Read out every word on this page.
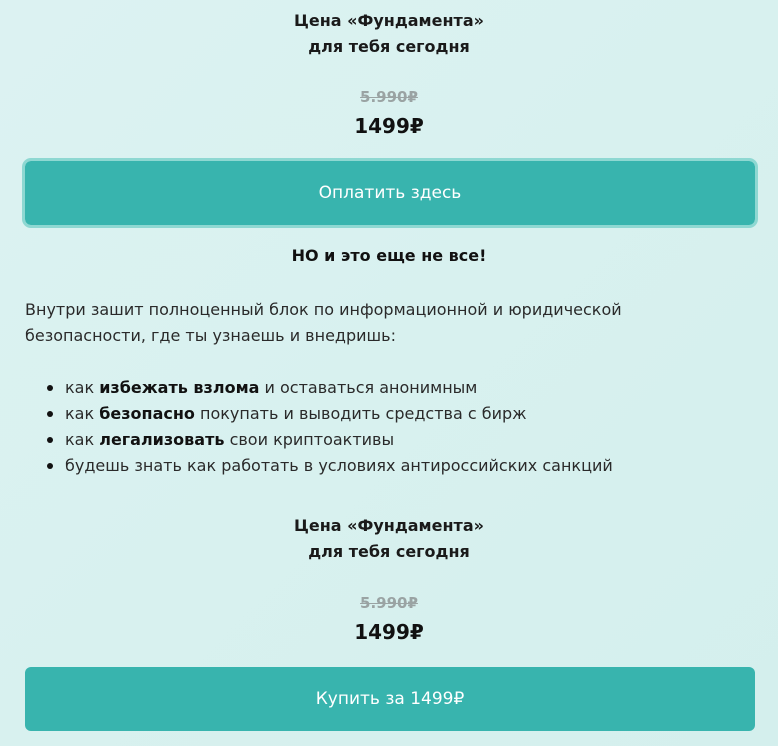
Цена «Фундамента»
для тебя сегодня
5.990₽
1499₽
Оплатить здесь
НО и это еще не все!
Внутри зашит полноценный блок по информационной и юридической безопасности, где ты узнаешь и внедришь:
как избежать взлома и оставаться анонимным
как безопасно покупать и выводить средства с бирж
как легализовать свои криптоактивы
будешь знать как работать в условиях антироссийских санкций
Цена «Фундамента»
для тебя сегодня
5.990₽
1499₽
Купить за 1499₽
